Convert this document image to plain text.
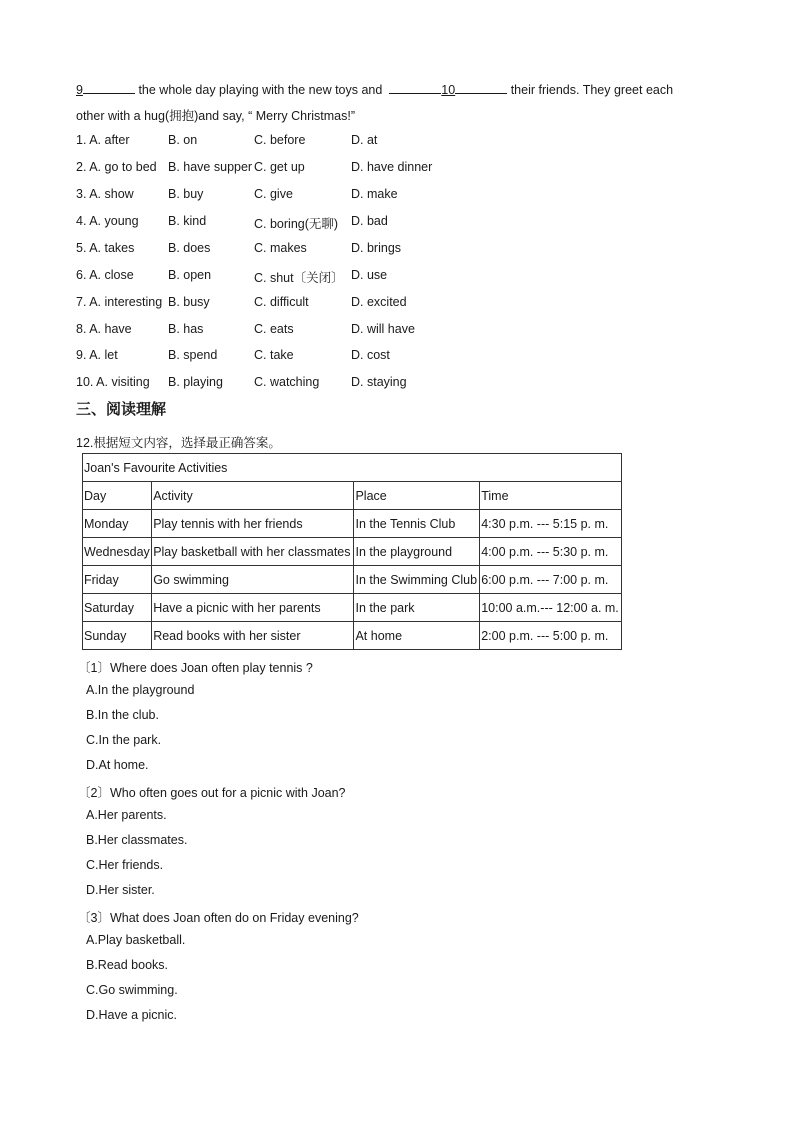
9	the whole day playing with the new toys and	10	their friends. They greet each
other with a hug(拥抱)and say, “ Merry Christmas!”
1. A. after	B. on	C. before	D. at
2. A. go to bed B. have supper C. get up	D. have dinner
3. A. show	B. buy	C. give	D. make
4. A. young B. kind	C. boring(无聊) D. bad
5. A. takes	B. does	C. makes	D. brings
6. A. close	B. open	C. shut〔关闭〕 D. use
7. A. interesting B. busy	C. difficult	D. excited
8. A. have	B. has	C. eats	D. will have
9. A. let	B. spend	C. take	D. cost
10. A. visiting B. playing C. watching	D. staying
三、阅读理解
12.根据短文内容，选择最正确答案。
Joan's Favourite Activities			
Day	Activity	Place	Time
Monday	Play tennis with her friends	In the Tennis Club	4:30 p.m. --- 5:15 p. m.
Wednesday	Play basketball with her classmates	In the playground	4:00 p.m. --- 5:30 p. m.
Friday	Go swimming	In the Swimming Club	6:00 p.m. --- 7:00 p. m.
Saturday	Have a picnic with her parents	In the park	10:00 a.m.--- 12:00 a. m.
Sunday	Read books with her sister	At home	2:00 p.m. --- 5:00 p. m.
〔1〕Where does Joan often play tennis ?
A.In the playground
B.In the club.
C.In the park.
D.At home.
〔2〕Who often goes out for a picnic with Joan?
A.Her parents.
B.Her classmates.
C.Her friends.
D.Her sister.
〔3〕What does Joan often do on Friday evening?
A.Play basketball.
B.Read books.
C.Go swimming.
D.Have a picnic.
